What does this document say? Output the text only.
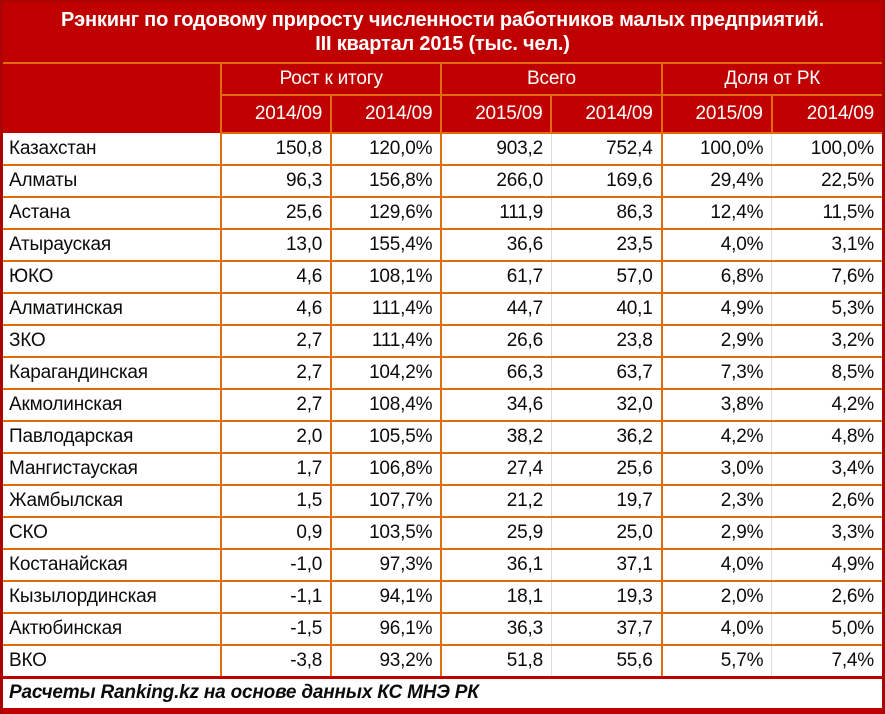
Рэнкинг по годовому приросту численности работников малых предприятий.
III квартал 2015 (тыс. чел.)
	Рост к итогу		Всего		Доля от РК	
	2014/09	2014/09	2015/09	2014/09	2015/09	2014/09
Казахстан	150,8	120,0%	903,2	752,4	100,0%	100,0%
Алматы	96,3	156,8%	266,0	169,6	29,4%	22,5%
Астана	25,6	129,6%	111,9	86,3	12,4%	11,5%
Атырауская	13,0	155,4%	36,6	23,5	4,0%	3,1%
ЮКО	4,6	108,1%	61,7	57,0	6,8%	7,6%
Алматинская	4,6	111,4%	44,7	40,1	4,9%	5,3%
ЗКО	2,7	111,4%	26,6	23,8	2,9%	3,2%
Карагандинская	2,7	104,2%	66,3	63,7	7,3%	8,5%
Акмолинская	2,7	108,4%	34,6	32,0	3,8%	4,2%
Павлодарская	2,0	105,5%	38,2	36,2	4,2%	4,8%
Мангистауская	1,7	106,8%	27,4	25,6	3,0%	3,4%
Жамбылская	1,5	107,7%	21,2	19,7	2,3%	2,6%
СКО	0,9	103,5%	25,9	25,0	2,9%	3,3%
Костанайская	-1,0	97,3%	36,1	37,1	4,0%	4,9%
Кызылординская	-1,1	94,1%	18,1	19,3	2,0%	2,6%
Актюбинская	-1,5	96,1%	36,3	37,7	4,0%	5,0%
ВКО	-3,8	93,2%	51,8	55,6	5,7%	7,4%
Расчеты Ranking.kz на основе данных КС МНЭ РК
